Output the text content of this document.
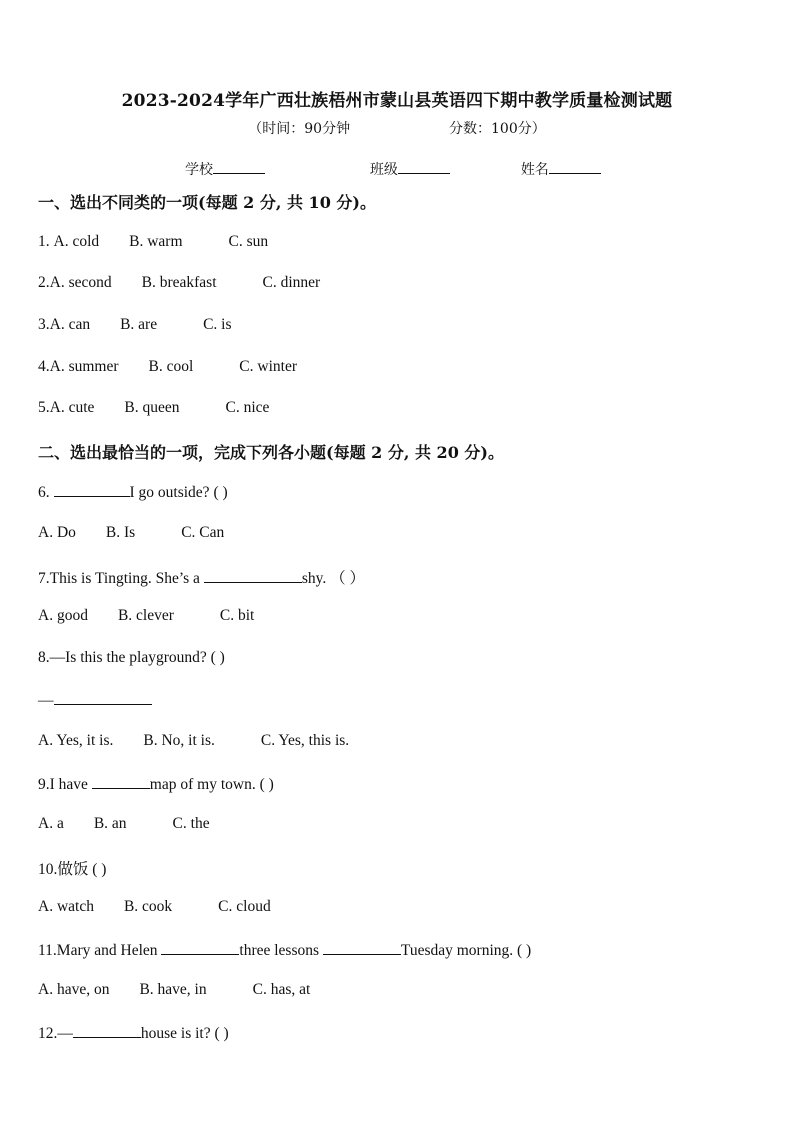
2023-2024学年广西壮族梧州市蒙山县英语四下期中教学质量检测试题
（时间：90分钟	分数：100分）
学校	班级	姓名
一、选出不同类的一项(每题 2 分, 共 10 分)。
1. A. cold B. warm	C. sun
2.A. second B. breakfast	C. dinner
3.A. can B. are	C. is
4.A. summer B. cool	C. winter
5.A. cute B. queen	C. nice
二、选出最恰当的一项，完成下列各小题(每题 2 分, 共 20 分)。
6.	I go outside? ( )
A. Do B. Is	C. Can
7.This is Tingting. She’s a	shy. （ ）
A. good B. clever	C. bit
8.—Is this the playground? ( )
—
A. Yes, it is. B. No, it is.	C. Yes, this is.
9.I have	map of my town. ( )
A. a B. an	C. the
10.做饭 ( )
A. watch B. cook	C. cloud
11.Mary and Helen	three lessons	Tuesday morning. ( )
A. have, on B. have, in	C. has, at
12.—	house is it? ( )
